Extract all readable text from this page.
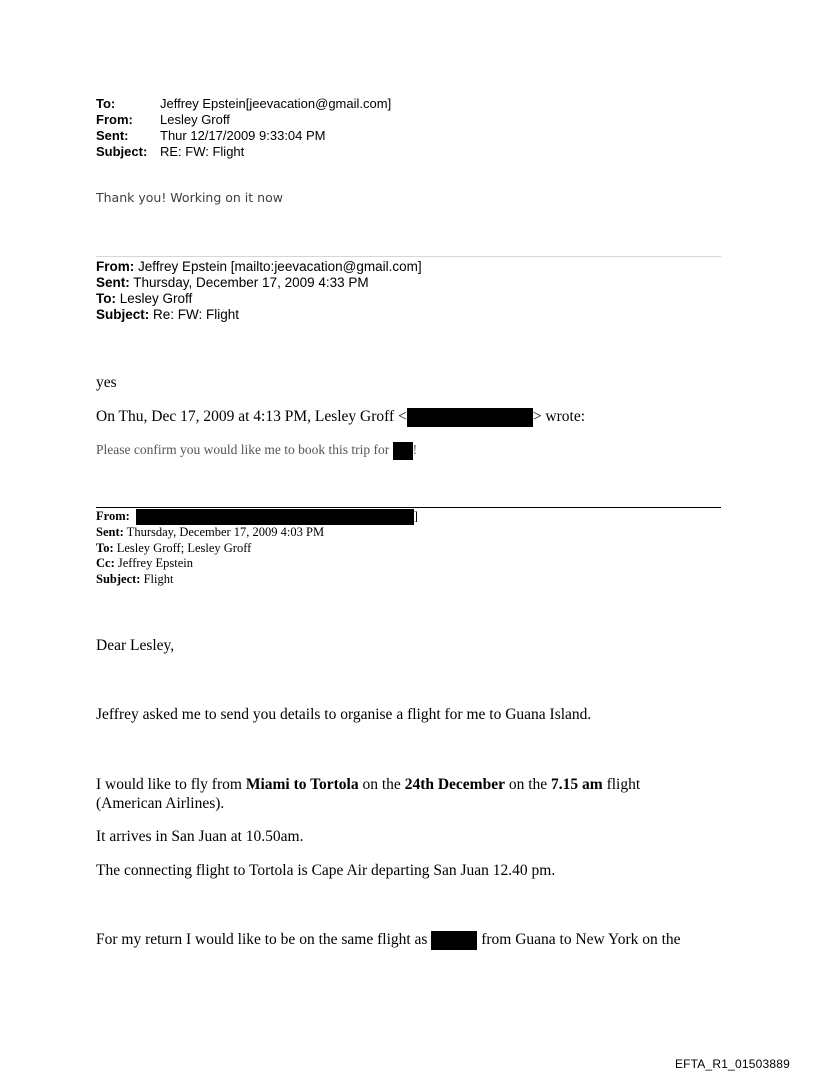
To:	Jeffrey Epstein[jeevacation@gmail.com]
From:	Lesley Groff
Sent:	Thur 12/17/2009 9:33:04 PM
Subject: RE: FW: Flight
Thank you! Working on it now
From: Jeffrey Epstein [mailto:jeevacation@gmail.com]
Sent: Thursday, December 17, 2009 4:33 PM
To: Lesley Groff
Subject: Re: FW: Flight
yes
On Thu, Dec 17, 2009 at 4:13 PM, Lesley Groff <	> wrote:
Please confirm you would like me to book this trip for !
From:	]
Sent: Thursday, December 17, 2009 4:03 PM
To: Lesley Groff; Lesley Groff
Cc: Jeffrey Epstein
Subject: Flight
Dear Lesley,
Jeffrey asked me to send you details to organise a flight for me to Guana Island.
I would like to fly from Miami to Tortola on the 24th December on the 7.15 am flight
(American Airlines).
It arrives in San Juan at 10.50am.
The connecting flight to Tortola is Cape Air departing San Juan 12.40 pm.
For my return I would like to be on the same flight as	from Guana to New York on the
EFTA_R1_01503889
